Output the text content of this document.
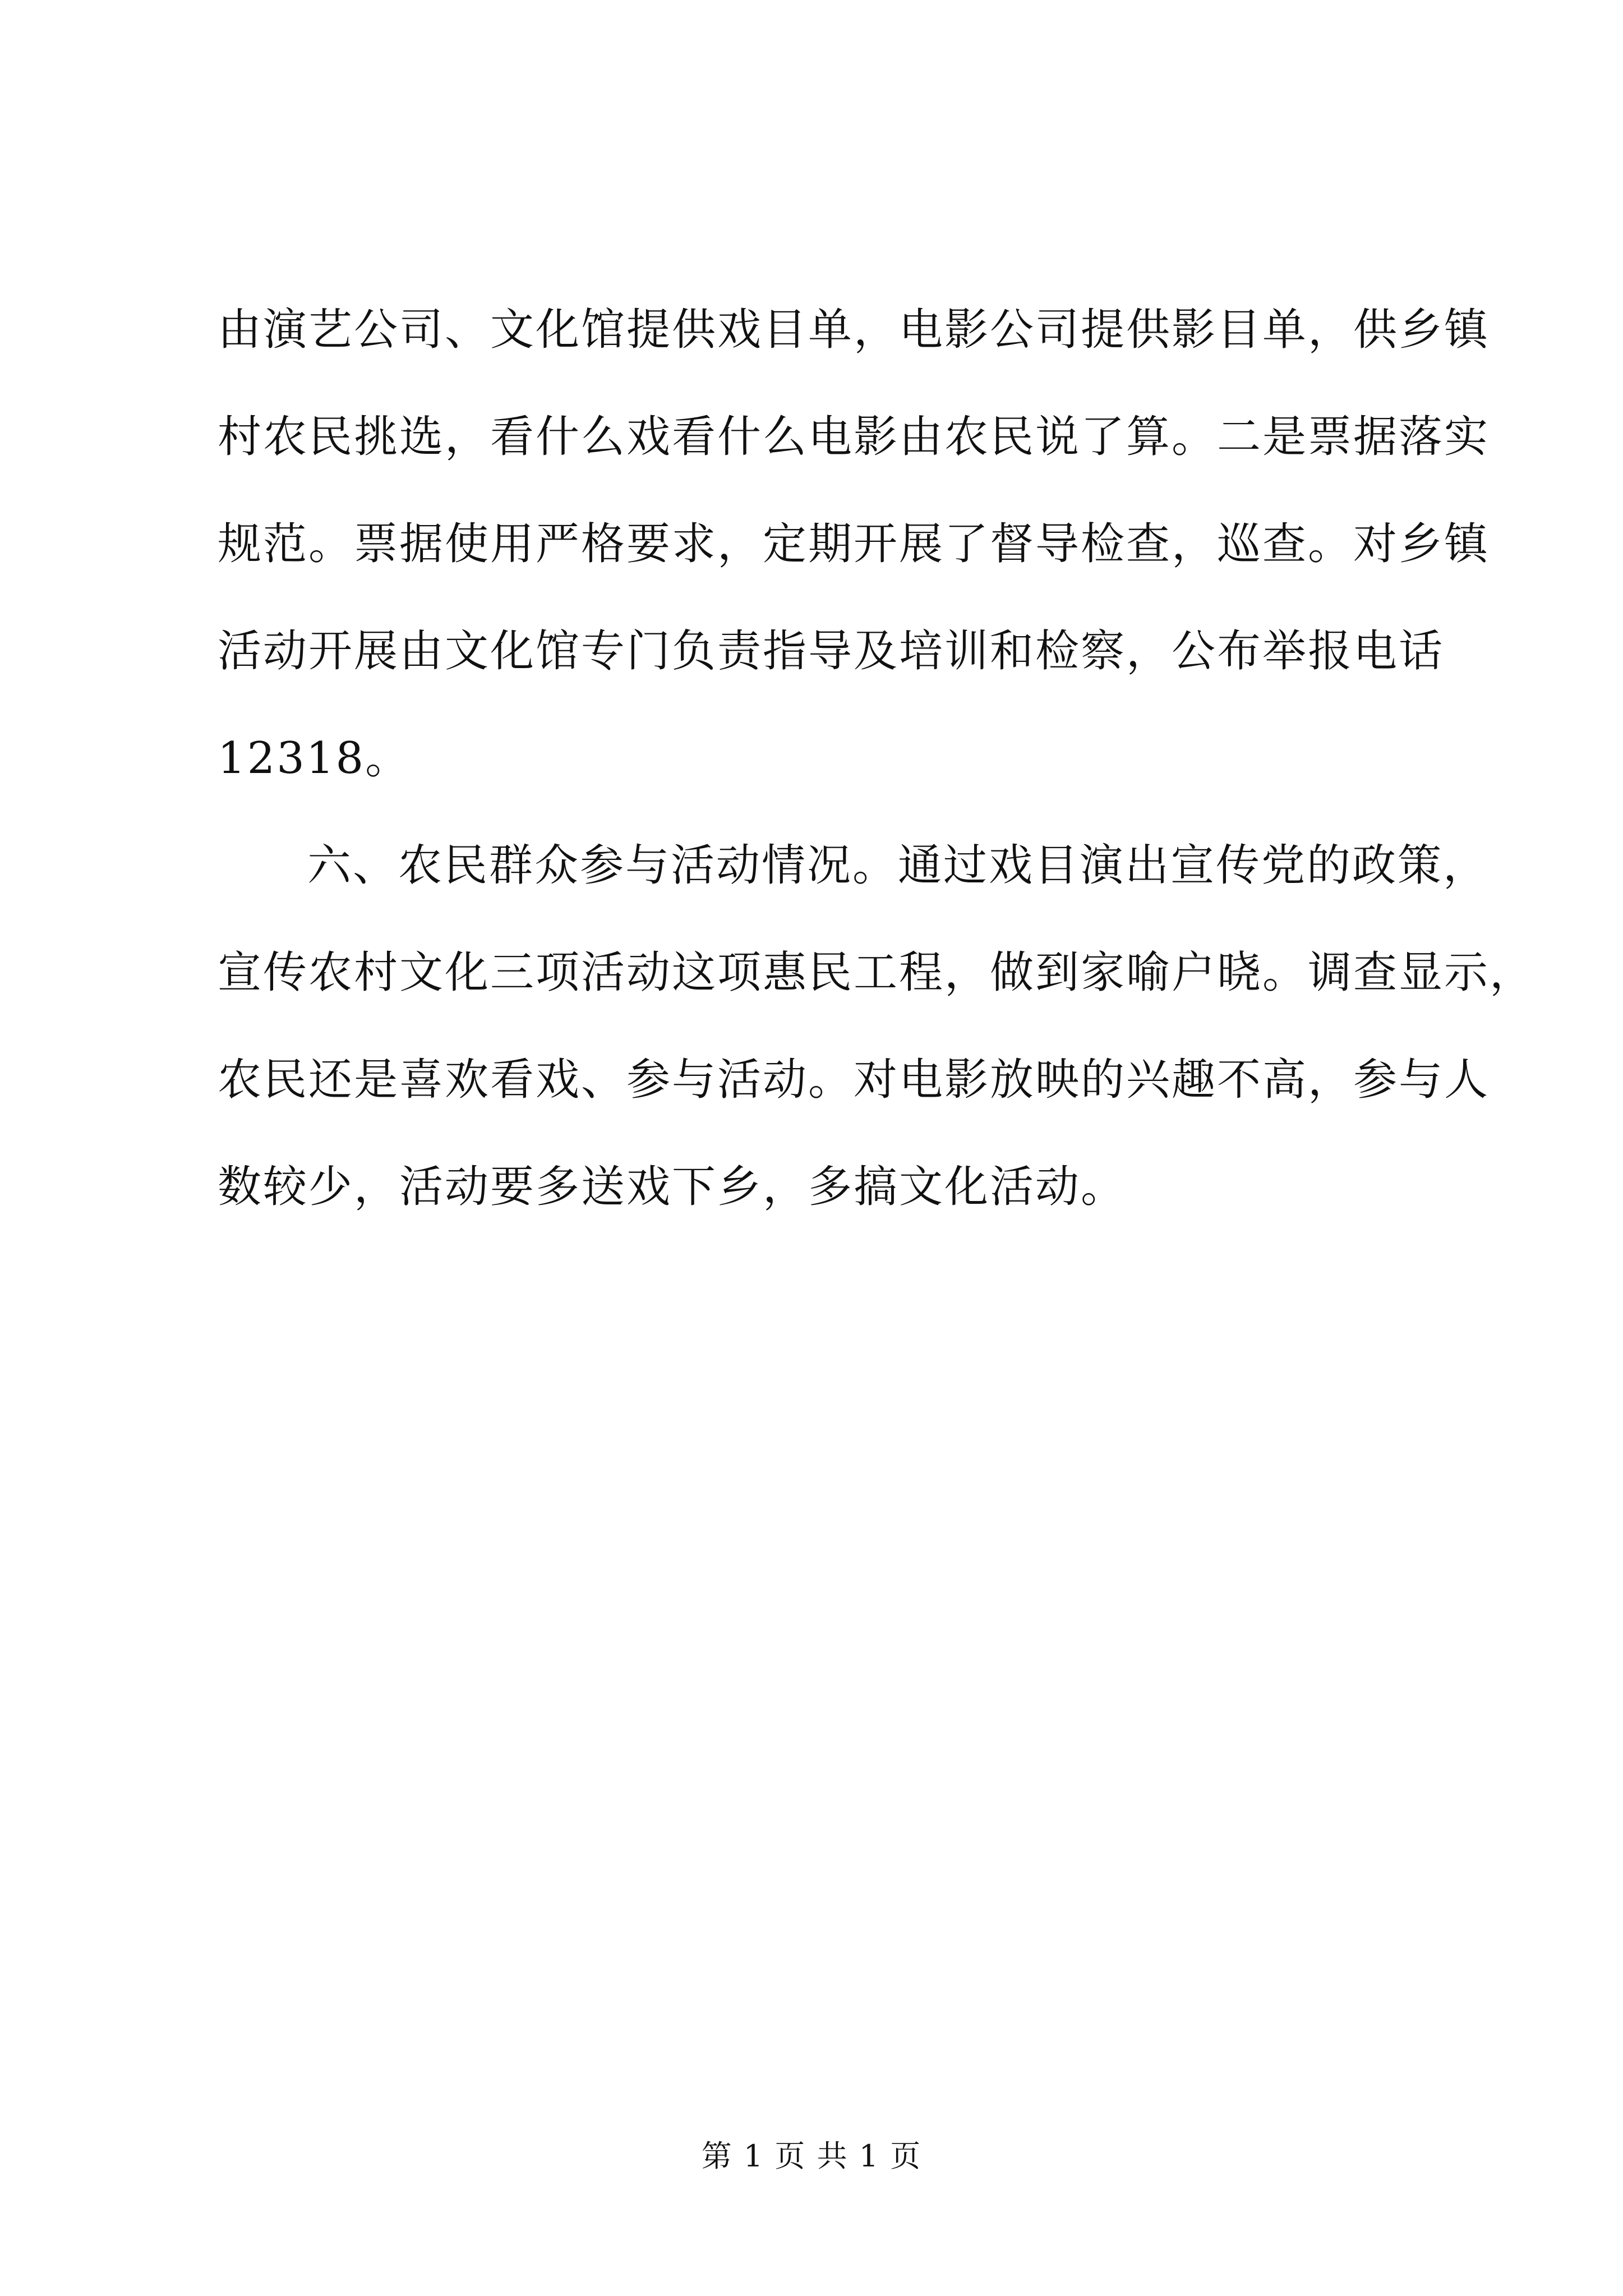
由演艺公司、文化馆提供戏目单，电影公司提供影目单，供乡镇
村农民挑选，看什么戏看什么电影由农民说了算。二是票据落实
规范。票据使用严格要求，定期开展了督导检查，巡查。对乡镇
活动开展由文化馆专门负责指导及培训和检察，公布举报电话
12318。
六、农民群众参与活动情况。通过戏目演出宣传党的政策，
宣传农村文化三项活动这项惠民工程，做到家喻户晓。调查显示，
农民还是喜欢看戏、参与活动。对电影放映的兴趣不高，参与人
数较少，活动要多送戏下乡，多搞文化活动。
第 1 页 共 1 页
